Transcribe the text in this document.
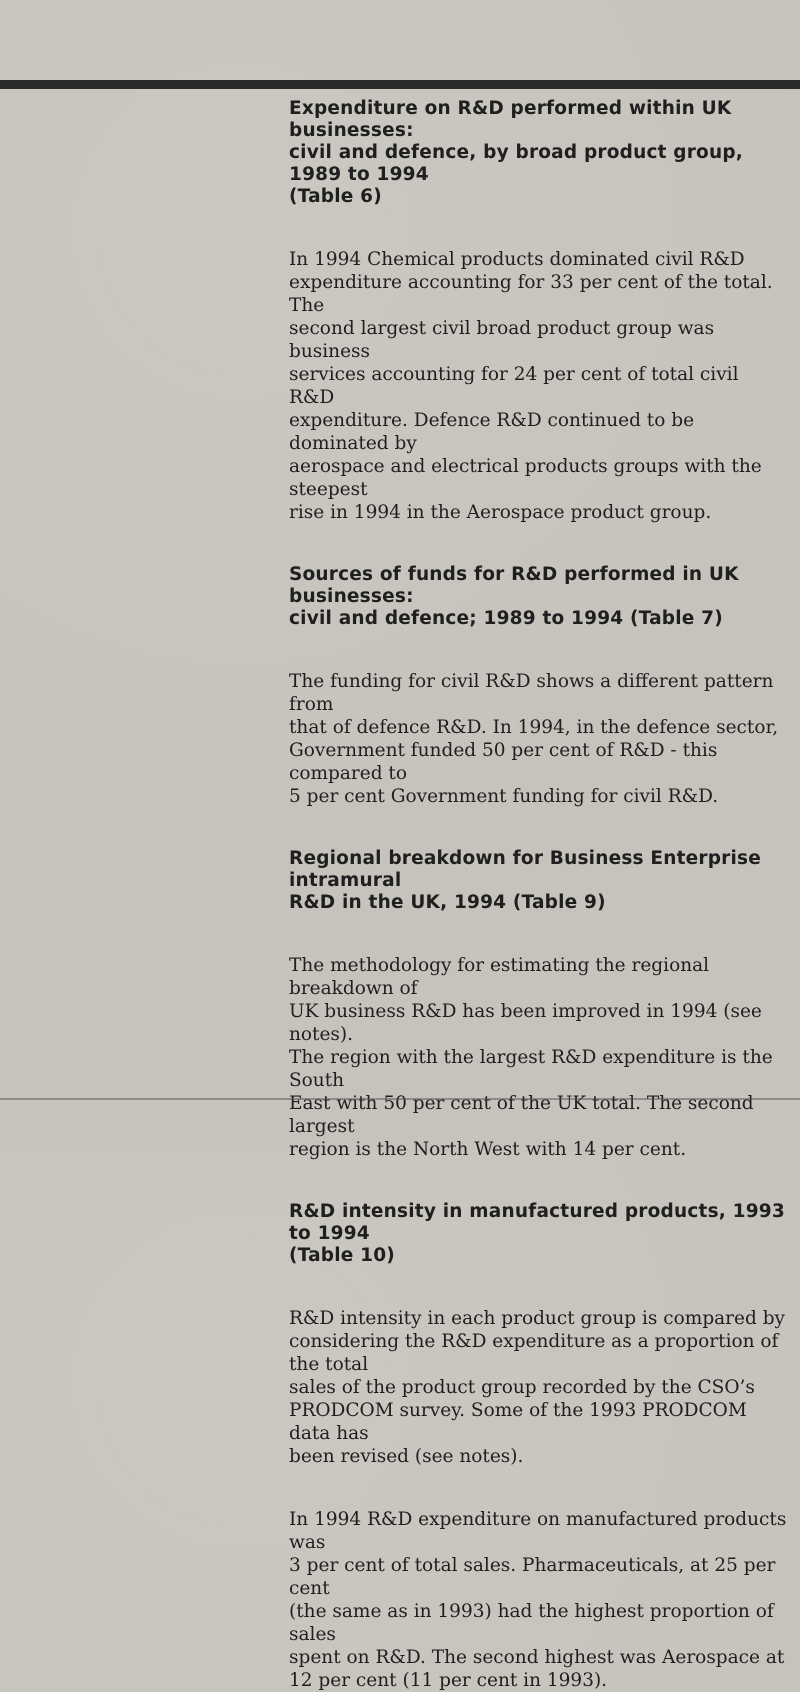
Expenditure on R&D performed within UK businesses:
civil and defence, by broad product group, 1989 to 1994
(Table 6)

In 1994 Chemical products dominated civil R&D
expenditure accounting for 33 per cent of the total. The
second largest civil broad product group was business
services accounting for 24 per cent of total civil R&D
expenditure. Defence R&D continued to be dominated by
aerospace and electrical products groups with the steepest
rise in 1994 in the Aerospace product group.

Sources of funds for R&D performed in UK businesses:
civil and defence; 1989 to 1994 (Table 7)

The funding for civil R&D shows a different pattern from
that of defence R&D. In 1994, in the defence sector,
Government funded 50 per cent of R&D - this compared to
5 per cent Government funding for civil R&D.

Regional breakdown for Business Enterprise intramural
R&D in the UK, 1994 (Table 9)

The methodology for estimating the regional breakdown of
UK business R&D has been improved in 1994 (see notes).
The region with the largest R&D expenditure is the South
East with 50 per cent of the UK total. The second largest
region is the North West with 14 per cent.

R&D intensity in manufactured products, 1993 to 1994
(Table 10)

R&D intensity in each product group is compared by
considering the R&D expenditure as a proportion of the total
sales of the product group recorded by the CSO’s
PRODCOM survey. Some of the 1993 PRODCOM data has
been revised (see notes).

In 1994 R&D expenditure on manufactured products was
3 per cent of total sales. Pharmaceuticals, at 25 per cent
(the same as in 1993) had the highest proportion of sales
spent on R&D. The second highest was Aerospace at
12 per cent (11 per cent in 1993).
